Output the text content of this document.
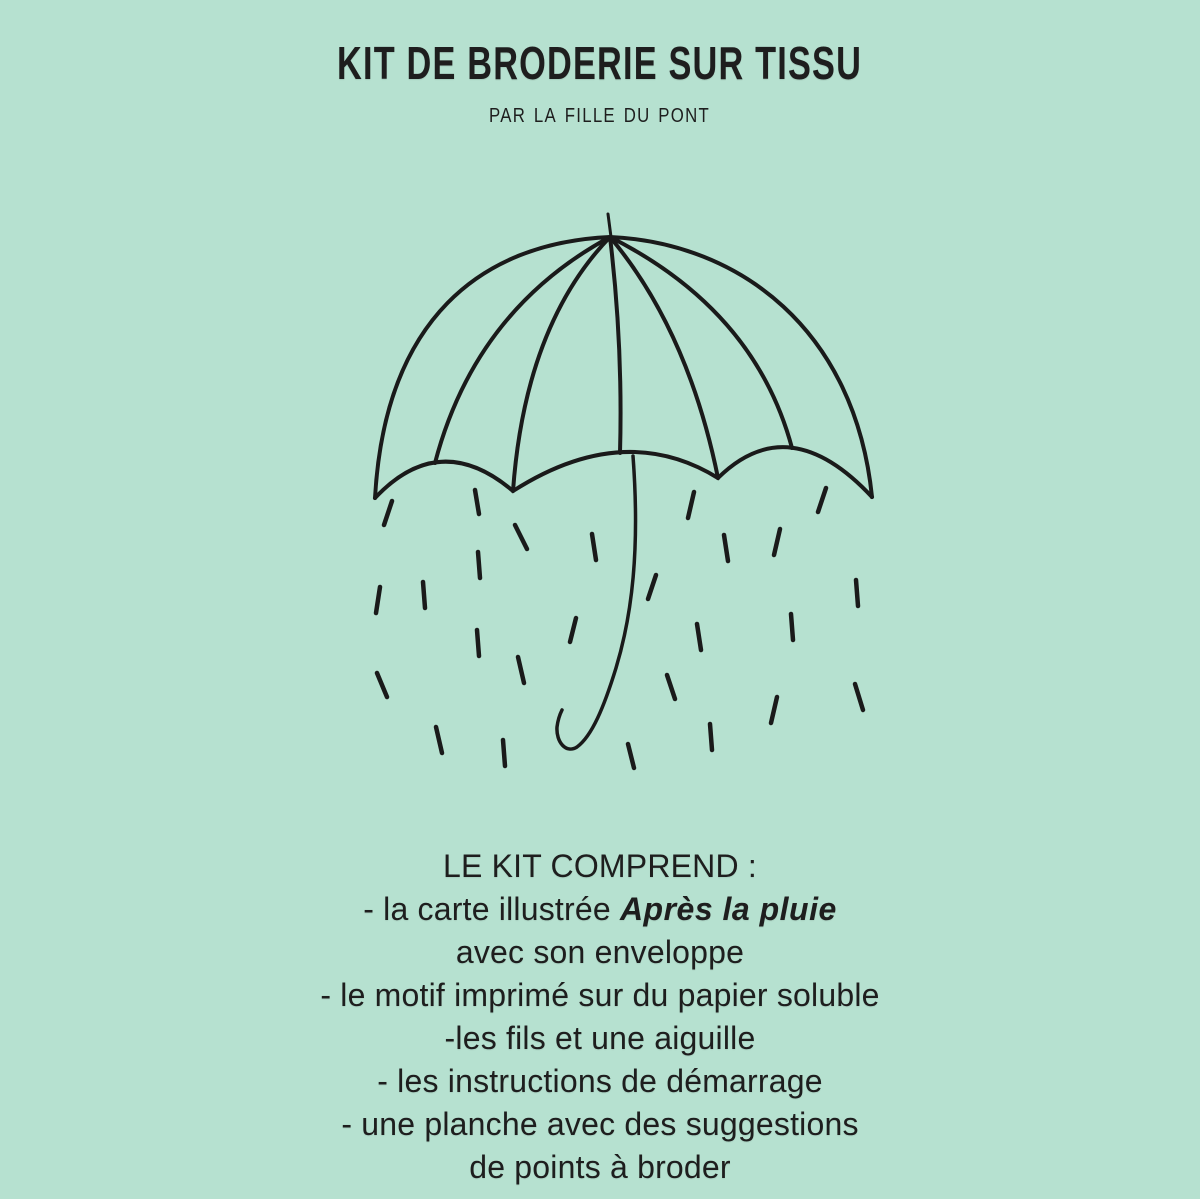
KIT DE BRODERIE SUR TISSU
par la fille du pont
LE KIT COMPREND :
- la carte illustrée Après la pluie
avec son enveloppe
- le motif imprimé sur du papier soluble
-les fils et une aiguille
- les instructions de démarrage
- une planche avec des suggestions
de points à broder
